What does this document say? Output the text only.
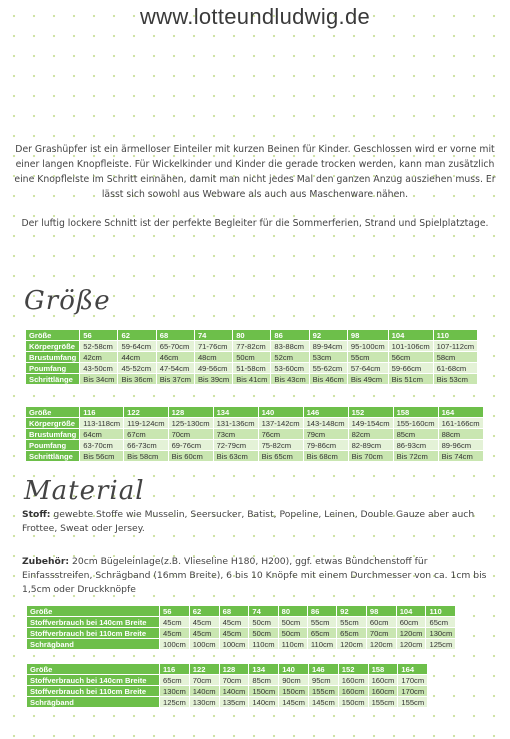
www.lotteundludwig.de

Der Grashüpfer ist ein ärmelloser Einteiler mit kurzen Beinen für Kinder. Geschlossen wird er vorne mit einer langen Knopfleiste. Für Wickelkinder und Kinder die gerade trocken werden, kann man zusätzlich eine Knopfleiste im Schritt einnähen, damit man nicht jedes Mal den ganzen Anzug ausziehen muss. Er lässt sich sowohl aus Webware als auch aus Maschenware nähen.

Der luftig lockere Schnitt ist der perfekte Begleiter für die Sommerferien, Strand und Spielplatztage.

Größe
Größe	56	62	68	74	80	86	92	98	104	110
Körpergröße	52-58cm	59-64cm	65-70cm	71-76cm	77-82cm	83-88cm	89-94cm	95-100cm	101-106cm	107-112cm
Brustumfang	42cm	44cm	46cm	48cm	50cm	52cm	53cm	55cm	56cm	58cm
Poumfang	43-50cm	45-52cm	47-54cm	49-56cm	51-58cm	53-60cm	55-62cm	57-64cm	59-66cm	61-68cm
Schrittlänge	Bis 34cm	Bis 36cm	Bis 37cm	Bis 39cm	Bis 41cm	Bis 43cm	Bis 46cm	Bis 49cm	Bis 51cm	Bis 53cm
Größe	116	122	128	134	140	146	152	158	164
Körpergröße	113-118cm	119-124cm	125-130cm	131-136cm	137-142cm	143-148cm	149-154cm	155-160cm	161-166cm
Brustumfang	64cm	67cm	70cm	73cm	76cm	79cm	82cm	85cm	88cm
Poumfang	63-70cm	66-73cm	69-76cm	72-79cm	75-82cm	79-86cm	82-89cm	86-93cm	89-96cm
Schrittlänge	Bis 56cm	Bis 58cm	Bis 60cm	Bis 63cm	Bis 65cm	Bis 68cm	Bis 70cm	Bis 72cm	Bis 74cm
Material
Stoff: gewebte Stoffe wie Musselin, Seersucker, Batist, Popeline, Leinen, Double Gauze aber auch Frottee, Sweat oder Jersey.
Zubehör: 20cm Bügeleinlage(z.B. Vlieseline H180, H200), ggf. etwas Bündchenstoff für Einfassstreifen, Schrägband (16mm Breite), 6 bis 10 Knöpfe mit einem Durchmesser von ca. 1cm bis 1,5cm oder Druckknöpfe
Größe	56	62	68	74	80	86	92	98	104	110
Stoffverbrauch bei 140cm Breite	45cm	45cm	45cm	50cm	50cm	55cm	55cm	60cm	60cm	65cm
Stoffverbrauch bei 110cm Breite	45cm	45cm	45cm	50cm	50cm	65cm	65cm	70cm	120cm	130cm
Schrägband	100cm	100cm	100cm	110cm	110cm	110cm	120cm	120cm	120cm	125cm
Größe	116	122	128	134	140	146	152	158	164
Stoffverbrauch bei 140cm Breite	65cm	70cm	70cm	85cm	90cm	95cm	160cm	160cm	170cm
Stoffverbrauch bei 110cm Breite	130cm	140cm	140cm	150cm	150cm	155cm	160cm	160cm	170cm
Schrägband	125cm	130cm	135cm	140cm	145cm	145cm	150cm	155cm	155cm
